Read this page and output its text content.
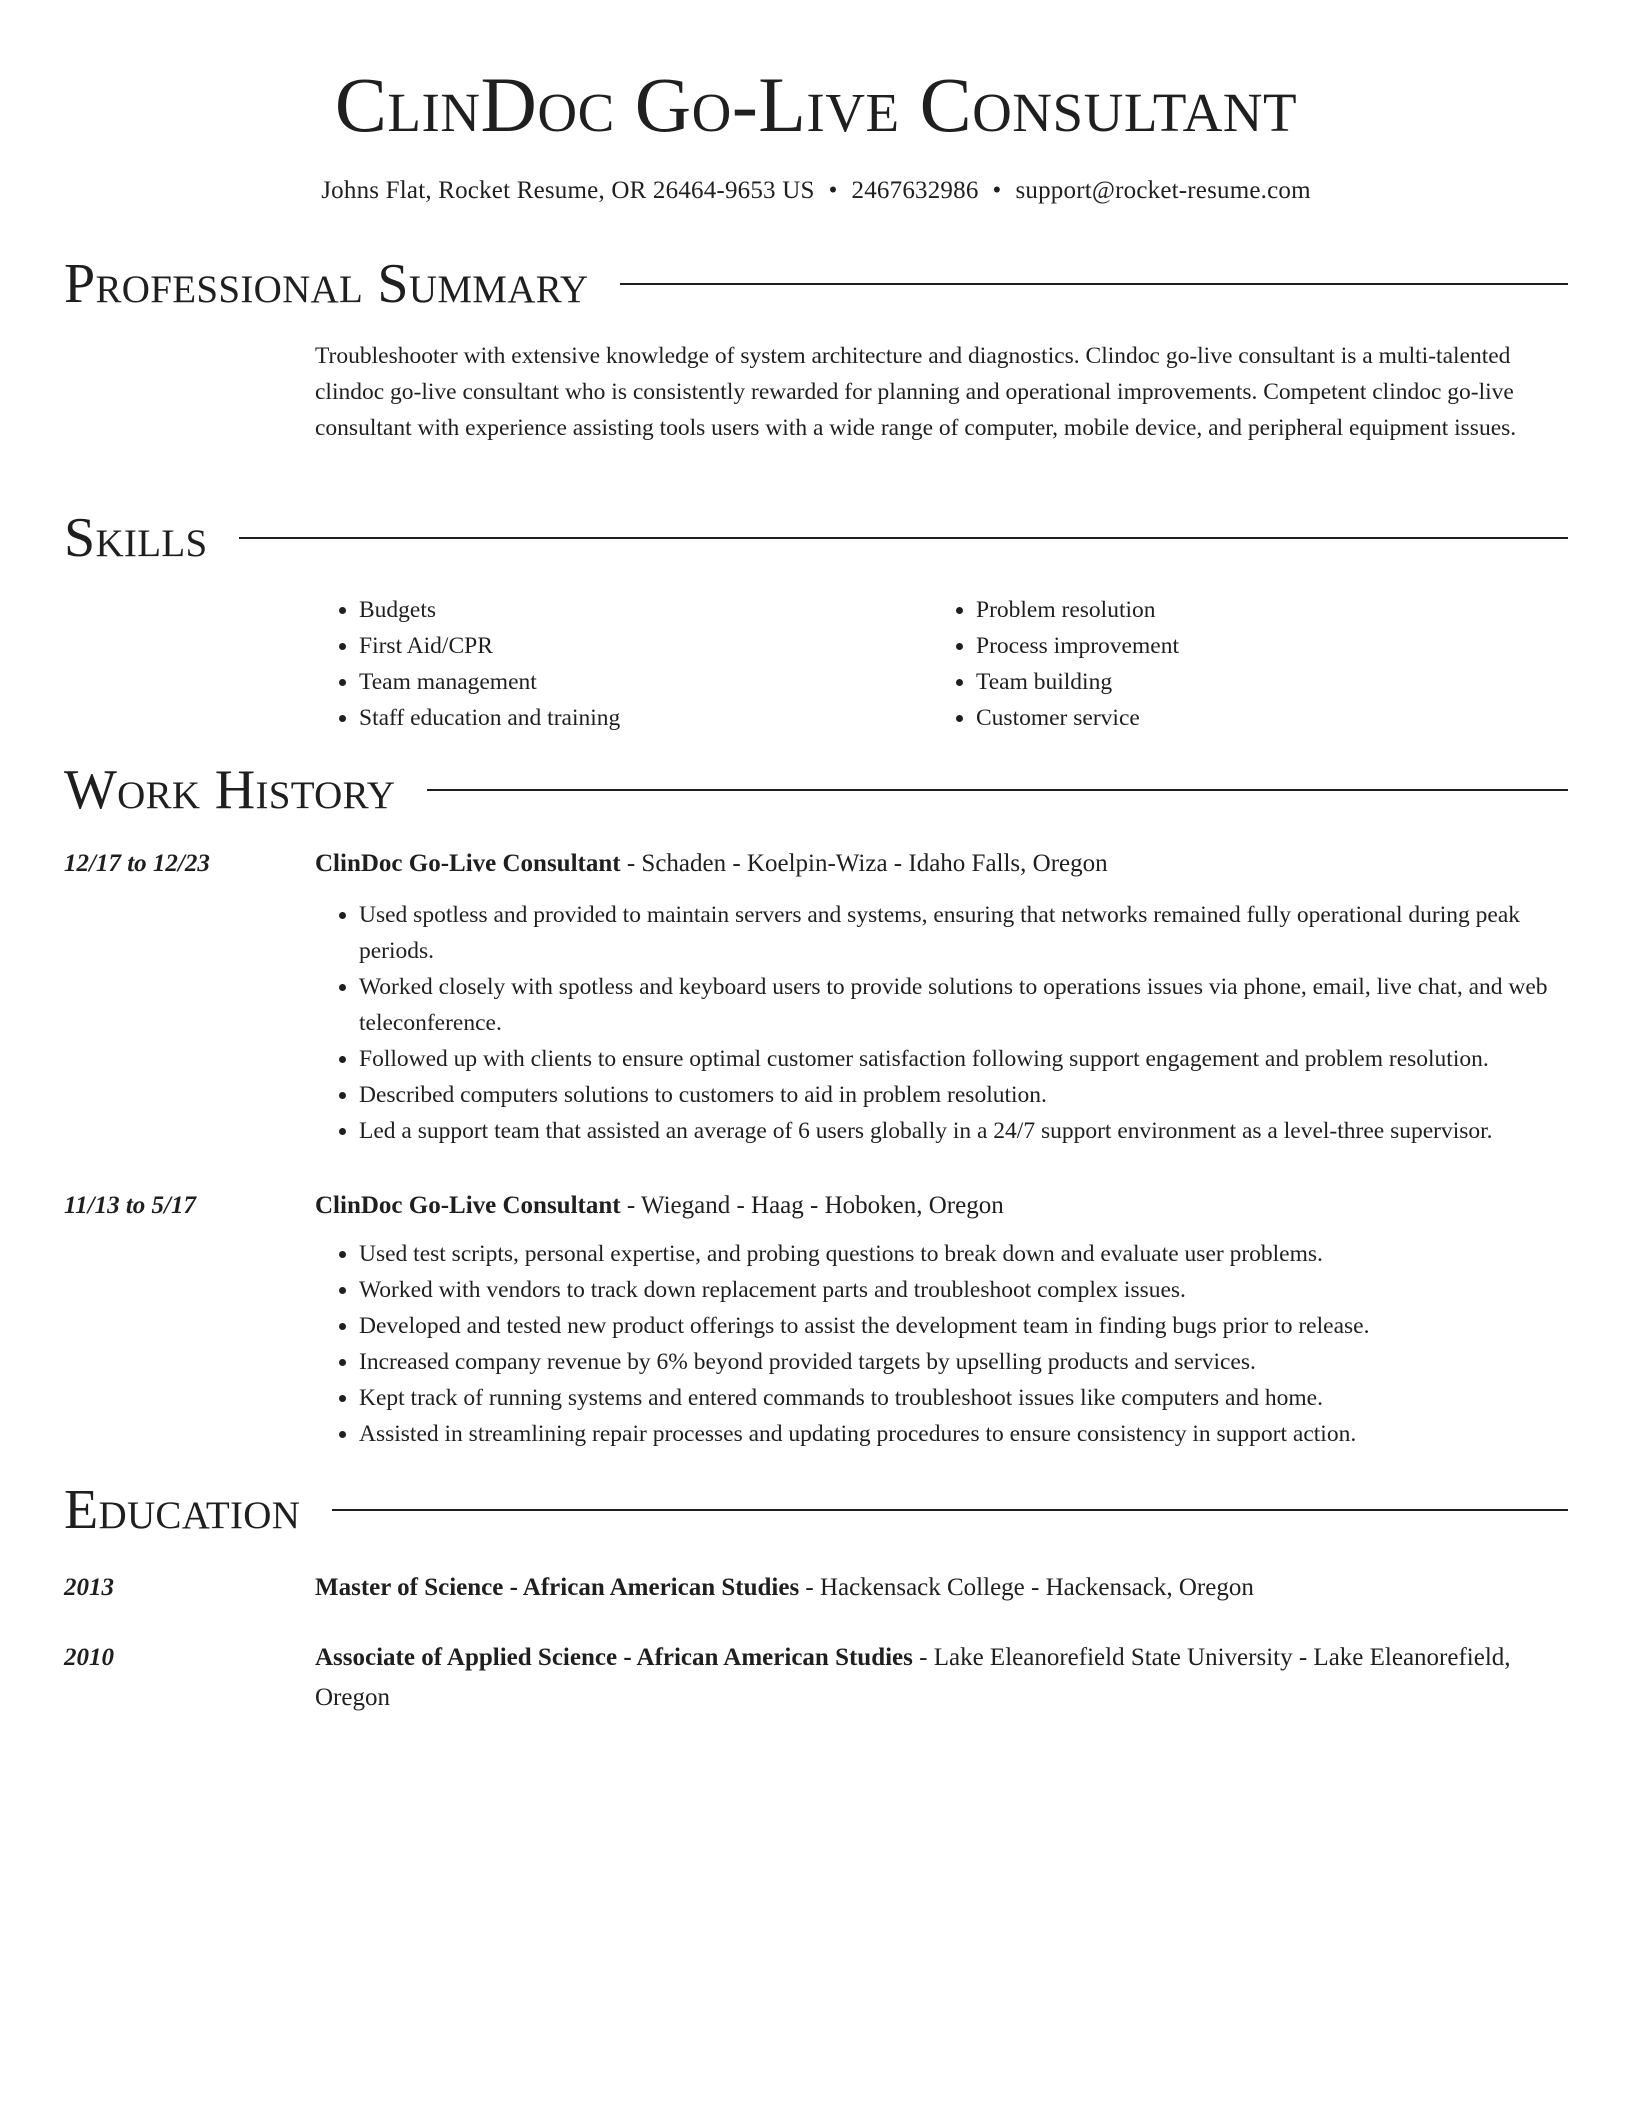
ClinDoc Go-Live Consultant
Johns Flat, Rocket Resume, OR 26464-9653 US • 2467632986 • support@rocket-resume.com
Professional Summary

Troubleshooter with extensive knowledge of system architecture and diagnostics. Clindoc go-live consultant is a multi-talented clindoc go-live consultant who is consistently rewarded for planning and operational improvements. Competent clindoc go-live consultant with experience assisting tools users with a wide range of computer, mobile device, and peripheral equipment issues.

Skills
• Budgets
• First Aid/CPR
• Team management
• Staff education and training
• Problem resolution
• Process improvement
• Team building
• Customer service
Work History
12/17 to 12/23	ClinDoc Go-Live Consultant - Schaden - Koelpin-Wiza - Idaho Falls, Oregon

• Used spotless and provided to maintain servers and systems, ensuring that networks remained fully operational during peak periods.
• Worked closely with spotless and keyboard users to provide solutions to operations issues via phone, email, live chat, and web teleconference.
• Followed up with clients to ensure optimal customer satisfaction following support engagement and problem resolution.
• Described computers solutions to customers to aid in problem resolution.
• Led a support team that assisted an average of 6 users globally in a 24/7 support environment as a level-three supervisor.
11/13 to 5/17	ClinDoc Go-Live Consultant - Wiegand - Haag - Hoboken, Oregon

• Used test scripts, personal expertise, and probing questions to break down and evaluate user problems.
• Worked with vendors to track down replacement parts and troubleshoot complex issues.
• Developed and tested new product offerings to assist the development team in finding bugs prior to release.
• Increased company revenue by 6% beyond provided targets by upselling products and services.
• Kept track of running systems and entered commands to troubleshoot issues like computers and home.
• Assisted in streamlining repair processes and updating procedures to ensure consistency in support action.
Education
2013	Master of Science - African American Studies - Hackensack College - Hackensack, Oregon

2010	Associate of Applied Science - African American Studies - Lake Eleanorefield State University - Lake Eleanorefield, Oregon
